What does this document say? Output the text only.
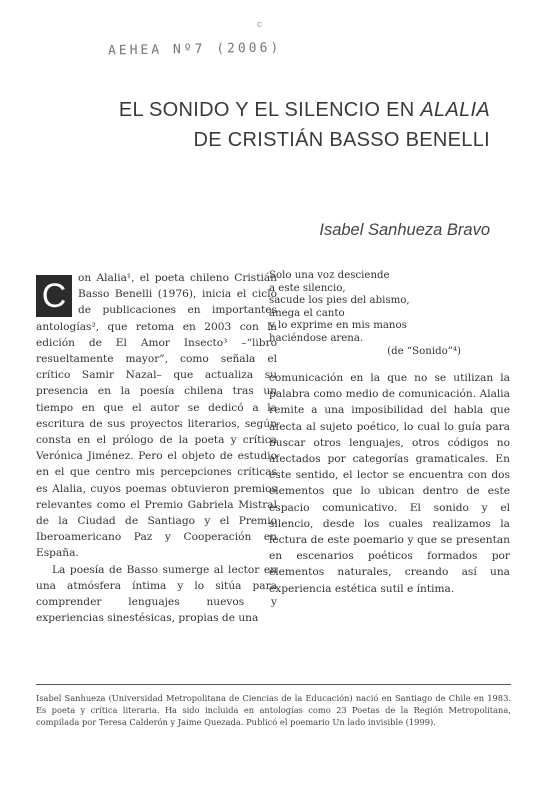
AEHEA Nº7 (2006)
c
EL SONIDO Y EL SILENCIO EN ALALIA
DE CRISTIÁN BASSO BENELLI
Isabel Sanhueza Bravo
C	on Alalia¹, el poeta chileno Cristián Basso Benelli (1976), inicia el ciclo de publicaciones en importantes antologías², que retoma en 2003 con la edición de El Amor Insecto³ –“libro resueltamente mayor”, como señala el crítico Samir Nazal– que actualiza su presencia en la poesía chilena tras un tiempo en que el autor se dedicó a la escritura de sus proyectos literarios, según consta en el prólogo de la poeta y crítica Verónica Jiménez. Pero el objeto de estudio en el que centro mis percepciones críticas es Alalia, cuyos poemas obtuvieron premios relevantes como el Premio Gabriela Mistral de la Ciudad de Santiago y el Premio Iberoamericano Paz y Cooperación en España.

La poesía de Basso sumerge al lector en una atmósfera íntima y lo sitúa para comprender lenguajes nuevos y experiencias sinestésicas, propias de una

Solo una voz desciende
a este silencio,
sacude los pies del abismo,
anega el canto
y lo exprime en mis manos
haciéndose arena.
(de “Sonido”⁴)

comunicación en la que no se utilizan la palabra como medio de comunicación. Alalia remite a una imposibilidad del habla que afecta al sujeto poético, lo cual lo guía para buscar otros lenguajes, otros códigos no afectados por categorías gramaticales. En este sentido, el lector se encuentra con dos elementos que lo ubican dentro de este espacio comunicativo. El sonido y el silencio, desde los cuales realizamos la lectura de este poemario y que se presentan en escenarios poéticos formados por elementos naturales, creando así una experiencia estética sutil e íntima.

Isabel Sanhueza (Universidad Metropolitana de Ciencias de la Educación) nació en Santiago de Chile en 1983. Es poeta y crítica literaria. Ha sido incluida en antologías como 23 Poetas de la Región Metropolitana, compilada por Teresa Calderón y Jaime Quezada. Publicó el poemario Un lado invisible (1999).
